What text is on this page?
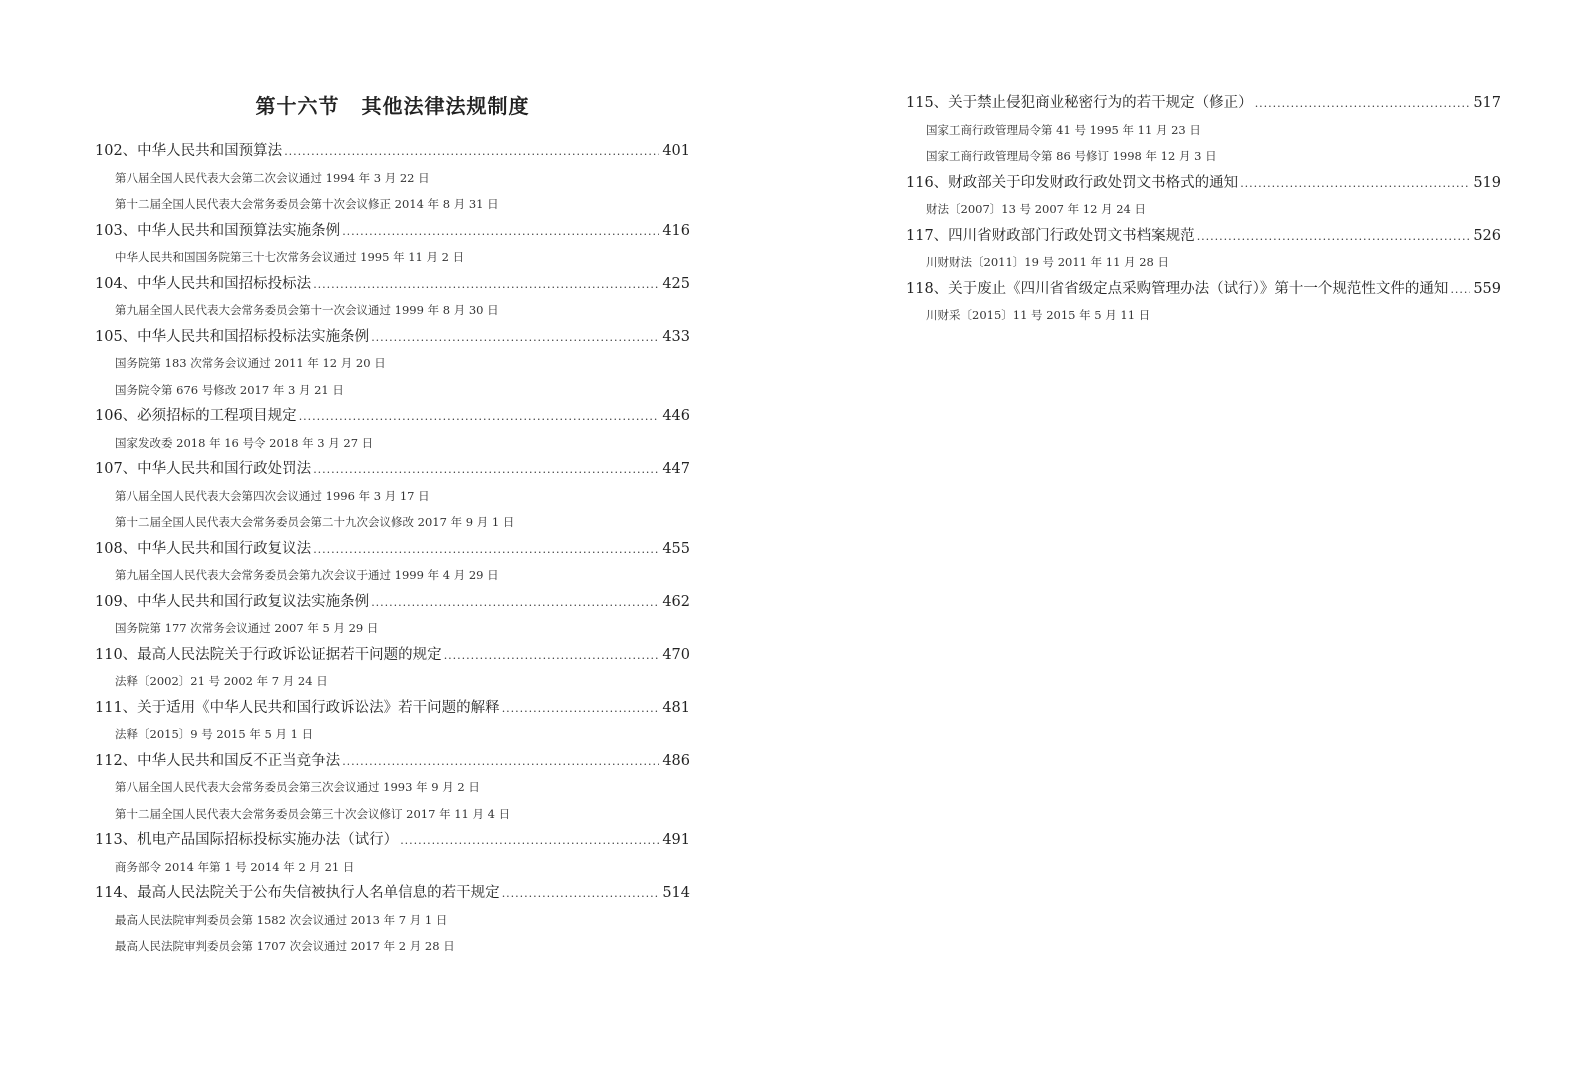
第十六节 其他法律法规制度
102、中华人民共和国预算法 .....	401
第八届全国人民代表大会第二次会议通过 1994 年 3 月 22 日
第十二届全国人民代表大会常务委员会第十次会议修正 2014 年 8 月 31 日
103、中华人民共和国预算法实施条例 .....	416
中华人民共和国国务院第三十七次常务会议通过 1995 年 11 月 2 日
104、中华人民共和国招标投标法 .....	425
第九届全国人民代表大会常务委员会第十一次会议通过 1999 年 8 月 30 日
105、中华人民共和国招标投标法实施条例 .....	433
国务院第 183 次常务会议通过 2011 年 12 月 20 日
国务院令第 676 号修改 2017 年 3 月 21 日
106、必须招标的工程项目规定 .....	446
国家发改委 2018 年 16 号令 2018 年 3 月 27 日
107、中华人民共和国行政处罚法 .....	447
第八届全国人民代表大会第四次会议通过 1996 年 3 月 17 日
第十二届全国人民代表大会常务委员会第二十九次会议修改 2017 年 9 月 1 日
108、中华人民共和国行政复议法 .....	455
第九届全国人民代表大会常务委员会第九次会议于通过 1999 年 4 月 29 日
109、中华人民共和国行政复议法实施条例 .....	462
国务院第 177 次常务会议通过 2007 年 5 月 29 日
110、最高人民法院关于行政诉讼证据若干问题的规定 .....	470
法释〔2002〕21 号 2002 年 7 月 24 日
111、关于适用《中华人民共和国行政诉讼法》若干问题的解释 .....	481
法释〔2015〕9 号 2015 年 5 月 1 日
112、中华人民共和国反不正当竞争法 .....	486
第八届全国人民代表大会常务委员会第三次会议通过 1993 年 9 月 2 日
第十二届全国人民代表大会常务委员会第三十次会议修订 2017 年 11 月 4 日
113、机电产品国际招标投标实施办法（试行） .....	491
商务部令 2014 年第 1 号 2014 年 2 月 21 日
114、最高人民法院关于公布失信被执行人名单信息的若干规定 .....	514
最高人民法院审判委员会第 1582 次会议通过 2013 年 7 月 1 日
最高人民法院审判委员会第 1707 次会议通过 2017 年 2 月 28 日
115、关于禁止侵犯商业秘密行为的若干规定（修正） .....	517
国家工商行政管理局令第 41 号 1995 年 11 月 23 日
国家工商行政管理局令第 86 号修订 1998 年 12 月 3 日
116、财政部关于印发财政行政处罚文书格式的通知 .....	519
财法〔2007〕13 号 2007 年 12 月 24 日
117、四川省财政部门行政处罚文书档案规范 .....	526
川财财法〔2011〕19 号 2011 年 11 月 28 日
118、关于废止《四川省省级定点采购管理办法（试行）》第十一个规范性文件的通知 ..... 559
川财采〔2015〕11 号 2015 年 5 月 11 日
